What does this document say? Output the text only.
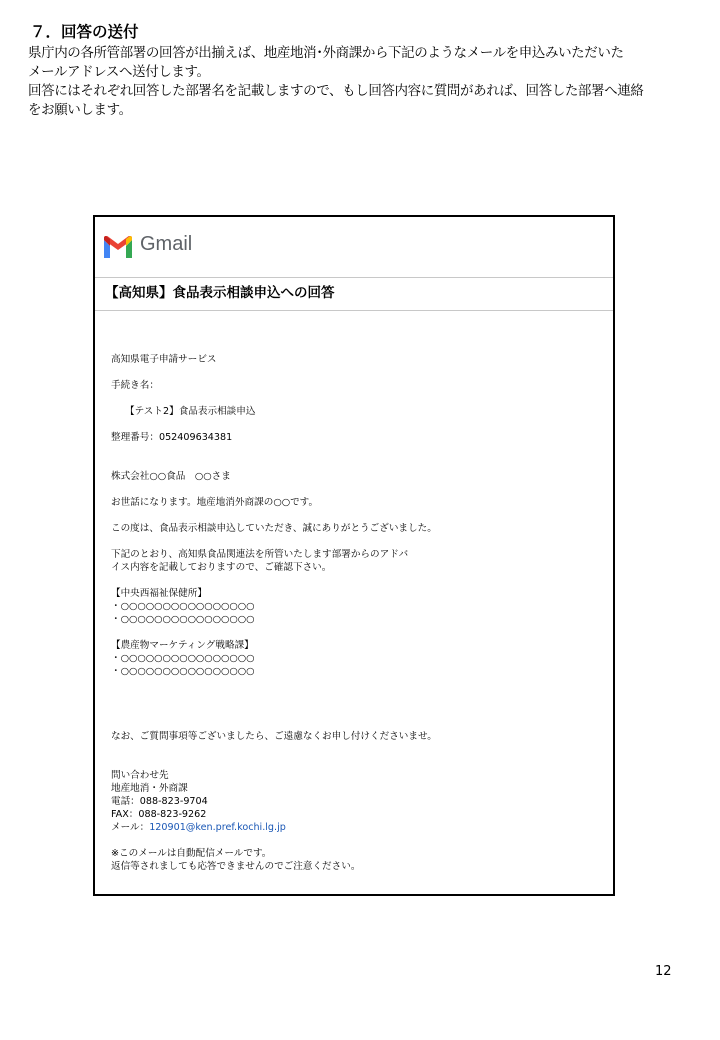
７．回答の送付

県庁内の各所管部署の回答が出揃えば、地産地消･外商課から下記のようなメールを申込みいただいた

メールアドレスへ送付します。

回答にはそれぞれ回答した部署名を記載しますので、もし回答内容に質問があれば、回答した部署へ連絡

をお願いします。

Gmail
【高知県】食品表示相談申込への回答
高知県電子申請サービス
手続き名：
【テスト2】食品表示相談申込
整理番号：052409634381
株式会社○○食品　○○さま
お世話になります。地産地消外商課の○○です。
この度は、食品表示相談申込していただき、誠にありがとうございました。
下記のとおり、高知県食品関連法を所管いたします部署からのアドバ
イス内容を記載しておりますので、ご確認下さい。
【中央西福祉保健所】
・○○○○○○○○○○○○○○○○
・○○○○○○○○○○○○○○○○
【農産物マーケティング戦略課】
・○○○○○○○○○○○○○○○○
・○○○○○○○○○○○○○○○○
なお、ご質問事項等ございましたら、ご遠慮なくお申し付けくださいませ。
問い合わせ先
地産地消・外商課
電話：088-823-9704
FAX：088-823-9262
メール：120901@ken.pref.kochi.lg.jp
※このメールは自動配信メールです。
返信等されましても応答できませんのでご注意ください。
12
